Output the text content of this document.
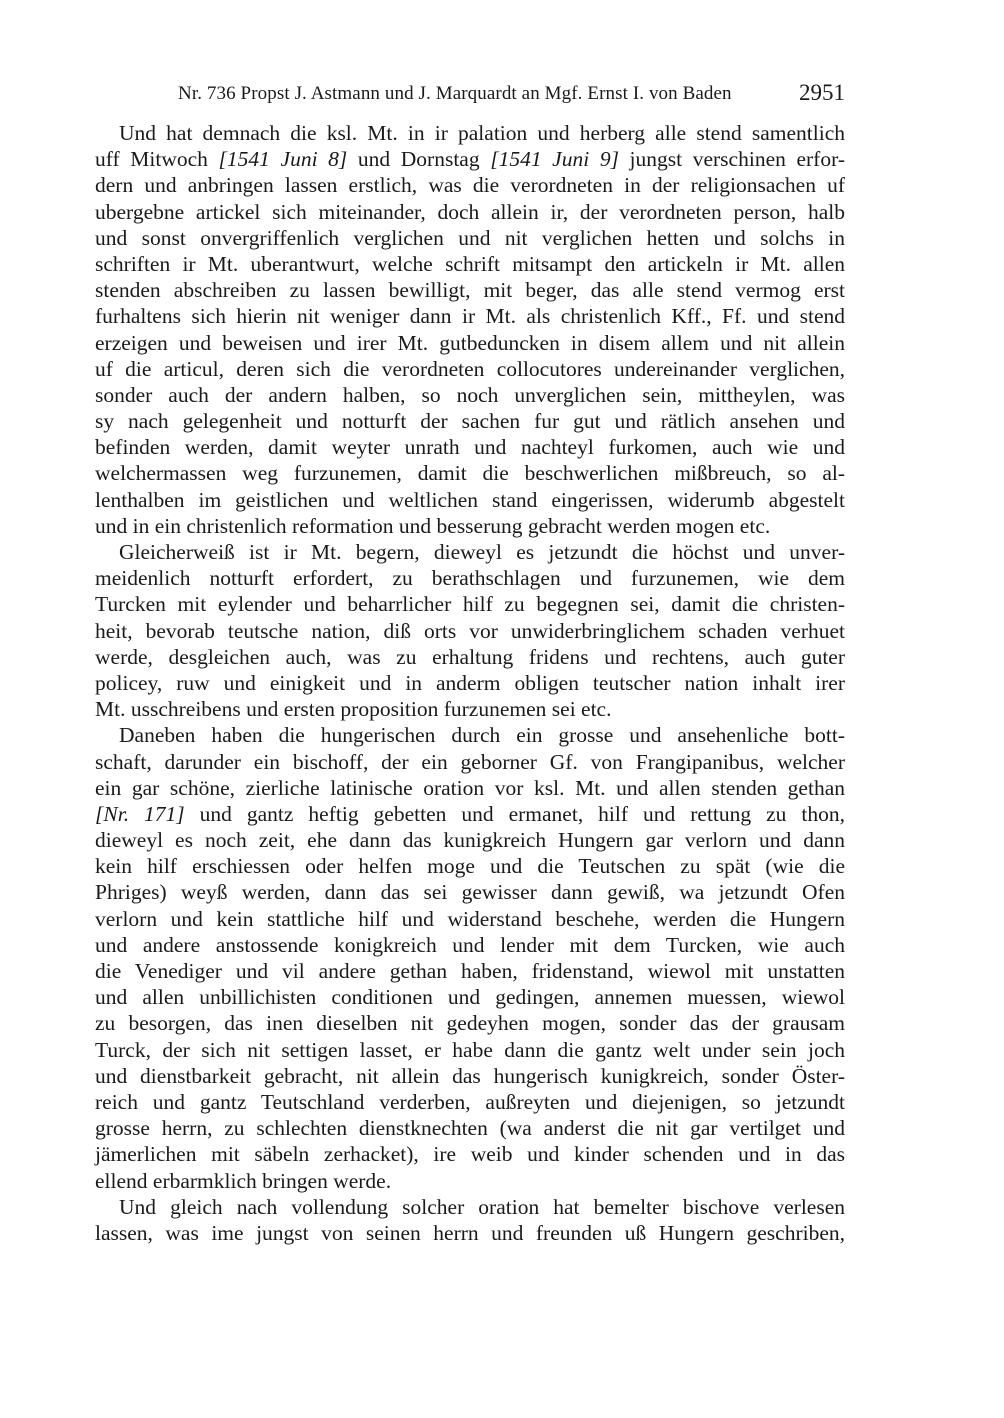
Nr. 736 Propst J. Astmann und J. Marquardt an Mgf. Ernst I. von Baden	2951
Und hat demnach die ksl. Mt. in ir palation und herberg alle stend samentlich
uff Mitwoch [1541 Juni 8] und Dornstag [1541 Juni 9] jungst verschinen erfor-
dern und anbringen lassen erstlich, was die verordneten in der religionsachen uf
ubergebne artickel sich miteinander, doch allein ir, der verordneten person, halb
und sonst onvergriffenlich verglichen und nit verglichen hetten und solchs in
schriften ir Mt. uberantwurt, welche schrift mitsampt den artickeln ir Mt. allen
stenden abschreiben zu lassen bewilligt, mit beger, das alle stend vermog erst
furhaltens sich hierin nit weniger dann ir Mt. als christenlich Kff., Ff. und stend
erzeigen und beweisen und irer Mt. gutbeduncken in disem allem und nit allein
uf die articul, deren sich die verordneten collocutores undereinander verglichen,
sonder auch der andern halben, so noch unverglichen sein, mittheylen, was
sy nach gelegenheit und notturft der sachen fur gut und rätlich ansehen und
befinden werden, damit weyter unrath und nachteyl furkomen, auch wie und
welchermassen weg furzunemen, damit die beschwerlichen mißbreuch, so al-
lenthalben im geistlichen und weltlichen stand eingerissen, widerumb abgestelt
und in ein christenlich reformation und besserung gebracht werden mogen etc.
Gleicherweiß ist ir Mt. begern, dieweyl es jetzundt die höchst und unver-
meidenlich notturft erfordert, zu berathschlagen und furzunemen, wie dem
Turcken mit eylender und beharrlicher hilf zu begegnen sei, damit die christen-
heit, bevorab teutsche nation, diß orts vor unwiderbringlichem schaden verhuet
werde, desgleichen auch, was zu erhaltung fridens und rechtens, auch guter
policey, ruw und einigkeit und in anderm obligen teutscher nation inhalt irer
Mt. usschreibens und ersten proposition furzunemen sei etc.
Daneben haben die hungerischen durch ein grosse und ansehenliche bott-
schaft, darunder ein bischoff, der ein geborner Gf. von Frangipanibus, welcher
ein gar schöne, zierliche latinische oration vor ksl. Mt. und allen stenden gethan
[Nr. 171] und gantz heftig gebetten und ermanet, hilf und rettung zu thon,
dieweyl es noch zeit, ehe dann das kunigkreich Hungern gar verlorn und dann
kein hilf erschiessen oder helfen moge und die Teutschen zu spät (wie die
Phriges) weyß werden, dann das sei gewisser dann gewiß, wa jetzundt Ofen
verlorn und kein stattliche hilf und widerstand beschehe, werden die Hungern
und andere anstossende konigkreich und lender mit dem Turcken, wie auch
die Venediger und vil andere gethan haben, fridenstand, wiewol mit unstatten
und allen unbillichisten conditionen und gedingen, annemen muessen, wiewol
zu besorgen, das inen dieselben nit gedeyhen mogen, sonder das der grausam
Turck, der sich nit settigen lasset, er habe dann die gantz welt under sein joch
und dienstbarkeit gebracht, nit allein das hungerisch kunigkreich, sonder Öster-
reich und gantz Teutschland verderben, außreyten und diejenigen, so jetzundt
grosse herrn, zu schlechten dienstknechten (wa anderst die nit gar vertilget und
jämerlichen mit säbeln zerhacket), ire weib und kinder schenden und in das
ellend erbarmklich bringen werde.
Und gleich nach vollendung solcher oration hat bemelter bischove verlesen
lassen, was ime jungst von seinen herrn und freunden uß Hungern geschriben,
